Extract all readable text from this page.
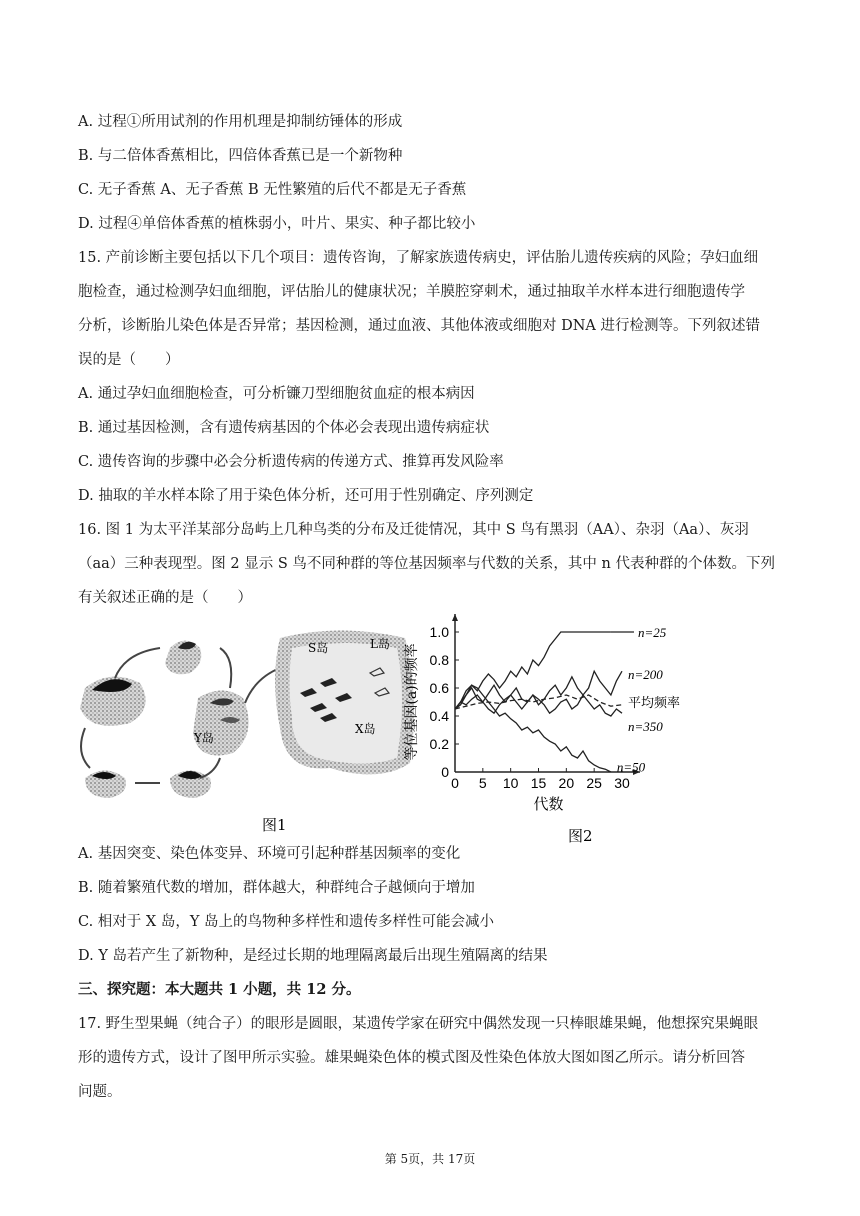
A. 过程①所用试剂的作用机理是抑制纺锤体的形成
B. 与二倍体香蕉相比，四倍体香蕉已是一个新物种
C. 无子香蕉 A、无子香蕉 B 无性繁殖的后代不都是无子香蕉
D. 过程④单倍体香蕉的植株弱小，叶片、果实、种子都比较小
15. 产前诊断主要包括以下几个项目：遗传咨询，了解家族遗传病史，评估胎儿遗传疾病的风险；孕妇血细
胞检查，通过检测孕妇血细胞，评估胎儿的健康状况；羊膜腔穿刺术，通过抽取羊水样本进行细胞遗传学
分析，诊断胎儿染色体是否异常；基因检测，通过血液、其他体液或细胞对 DNA 进行检测等。下列叙述错
误的是（　　）
A. 通过孕妇血细胞检查，可分析镰刀型细胞贫血症的根本病因
B. 通过基因检测，含有遗传病基因的个体必会表现出遗传病症状
C. 遗传咨询的步骤中必会分析遗传病的传递方式、推算再发风险率
D. 抽取的羊水样本除了用于染色体分析，还可用于性别确定、序列测定
16. 图 1 为太平洋某部分岛屿上几种鸟类的分布及迁徙情况，其中 S 鸟有黑羽（AA）、杂羽（Aa）、灰羽
（aa）三种表现型。图 2 显示 S 鸟不同种群的等位基因频率与代数的关系，其中 n 代表种群的个体数。下列
有关叙述正确的是（　　）
Y岛
S岛	L岛
X岛
图1
0 5 10 15 20 25 30
0
0.2
0.4
0.6
0.8
1.0
代数
等位基因(a)的频率
n=25
n=200
平均频率
n=350
n=50
图2
A. 基因突变、染色体变异、环境可引起种群基因频率的变化
B. 随着繁殖代数的增加，群体越大，种群纯合子越倾向于增加
C. 相对于 X 岛，Y 岛上的鸟物种多样性和遗传多样性可能会减小
D. Y 岛若产生了新物种，是经过长期的地理隔离最后出现生殖隔离的结果
三、探究题：本大题共 1 小题，共 12 分。
17. 野生型果蝇（纯合子）的眼形是圆眼，某遗传学家在研究中偶然发现一只棒眼雄果蝇，他想探究果蝇眼
形的遗传方式，设计了图甲所示实验。雄果蝇染色体的模式图及性染色体放大图如图乙所示。请分析回答
问题。
第 5页，共 17页
